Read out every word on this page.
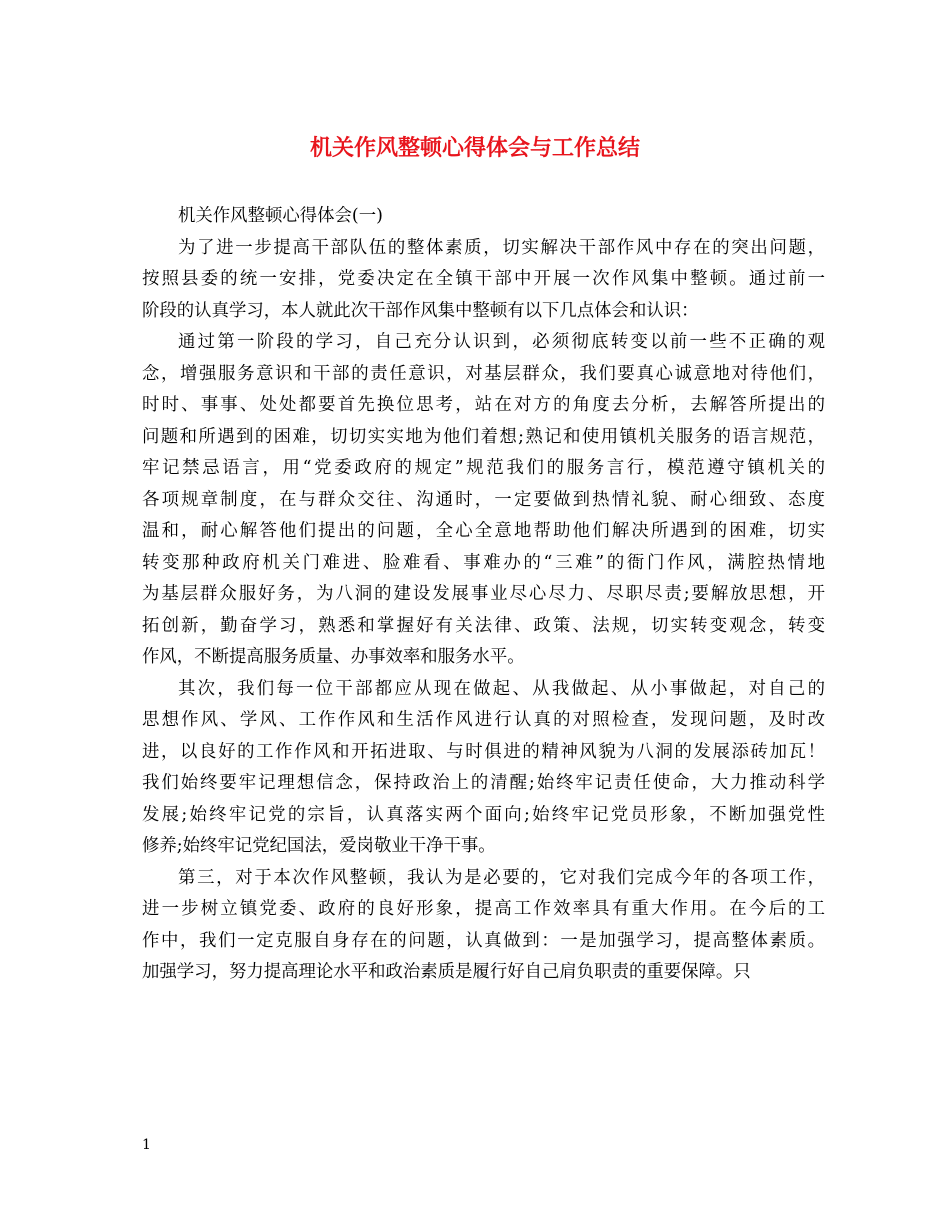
机关作风整顿心得体会与工作总结
机关作风整顿心得体会(一)
为了进一步提高干部队伍的整体素质，切实解决干部作风中存在的突出问题，
按照县委的统一安排，党委决定在全镇干部中开展一次作风集中整顿。通过前一
阶段的认真学习，本人就此次干部作风集中整顿有以下几点体会和认识：
通过第一阶段的学习，自己充分认识到，必须彻底转变以前一些不正确的观
念，增强服务意识和干部的责任意识，对基层群众，我们要真心诚意地对待他们，
时时、事事、处处都要首先换位思考，站在对方的角度去分析，去解答所提出的
问题和所遇到的困难，切切实实地为他们着想;熟记和使用镇机关服务的语言规范，
牢记禁忌语言，用“党委政府的规定”规范我们的服务言行，模范遵守镇机关的
各项规章制度，在与群众交往、沟通时，一定要做到热情礼貌、耐心细致、态度
温和，耐心解答他们提出的问题，全心全意地帮助他们解决所遇到的困难，切实
转变那种政府机关门难进、脸难看、事难办的“三难”的衙门作风，满腔热情地
为基层群众服好务，为八洞的建设发展事业尽心尽力、尽职尽责;要解放思想，开
拓创新，勤奋学习，熟悉和掌握好有关法律、政策、法规，切实转变观念，转变
作风，不断提高服务质量、办事效率和服务水平。
其次，我们每一位干部都应从现在做起、从我做起、从小事做起，对自己的
思想作风、学风、工作作风和生活作风进行认真的对照检查，发现问题，及时改
进，以良好的工作作风和开拓进取、与时俱进的精神风貌为八洞的发展添砖加瓦！
我们始终要牢记理想信念，保持政治上的清醒;始终牢记责任使命，大力推动科学
发展;始终牢记党的宗旨，认真落实两个面向;始终牢记党员形象，不断加强党性
修养;始终牢记党纪国法，爱岗敬业干净干事。
第三，对于本次作风整顿，我认为是必要的，它对我们完成今年的各项工作，
进一步树立镇党委、政府的良好形象，提高工作效率具有重大作用。在今后的工
作中，我们一定克服自身存在的问题，认真做到：一是加强学习，提高整体素质。
加强学习，努力提高理论水平和政治素质是履行好自己肩负职责的重要保障。只
1
